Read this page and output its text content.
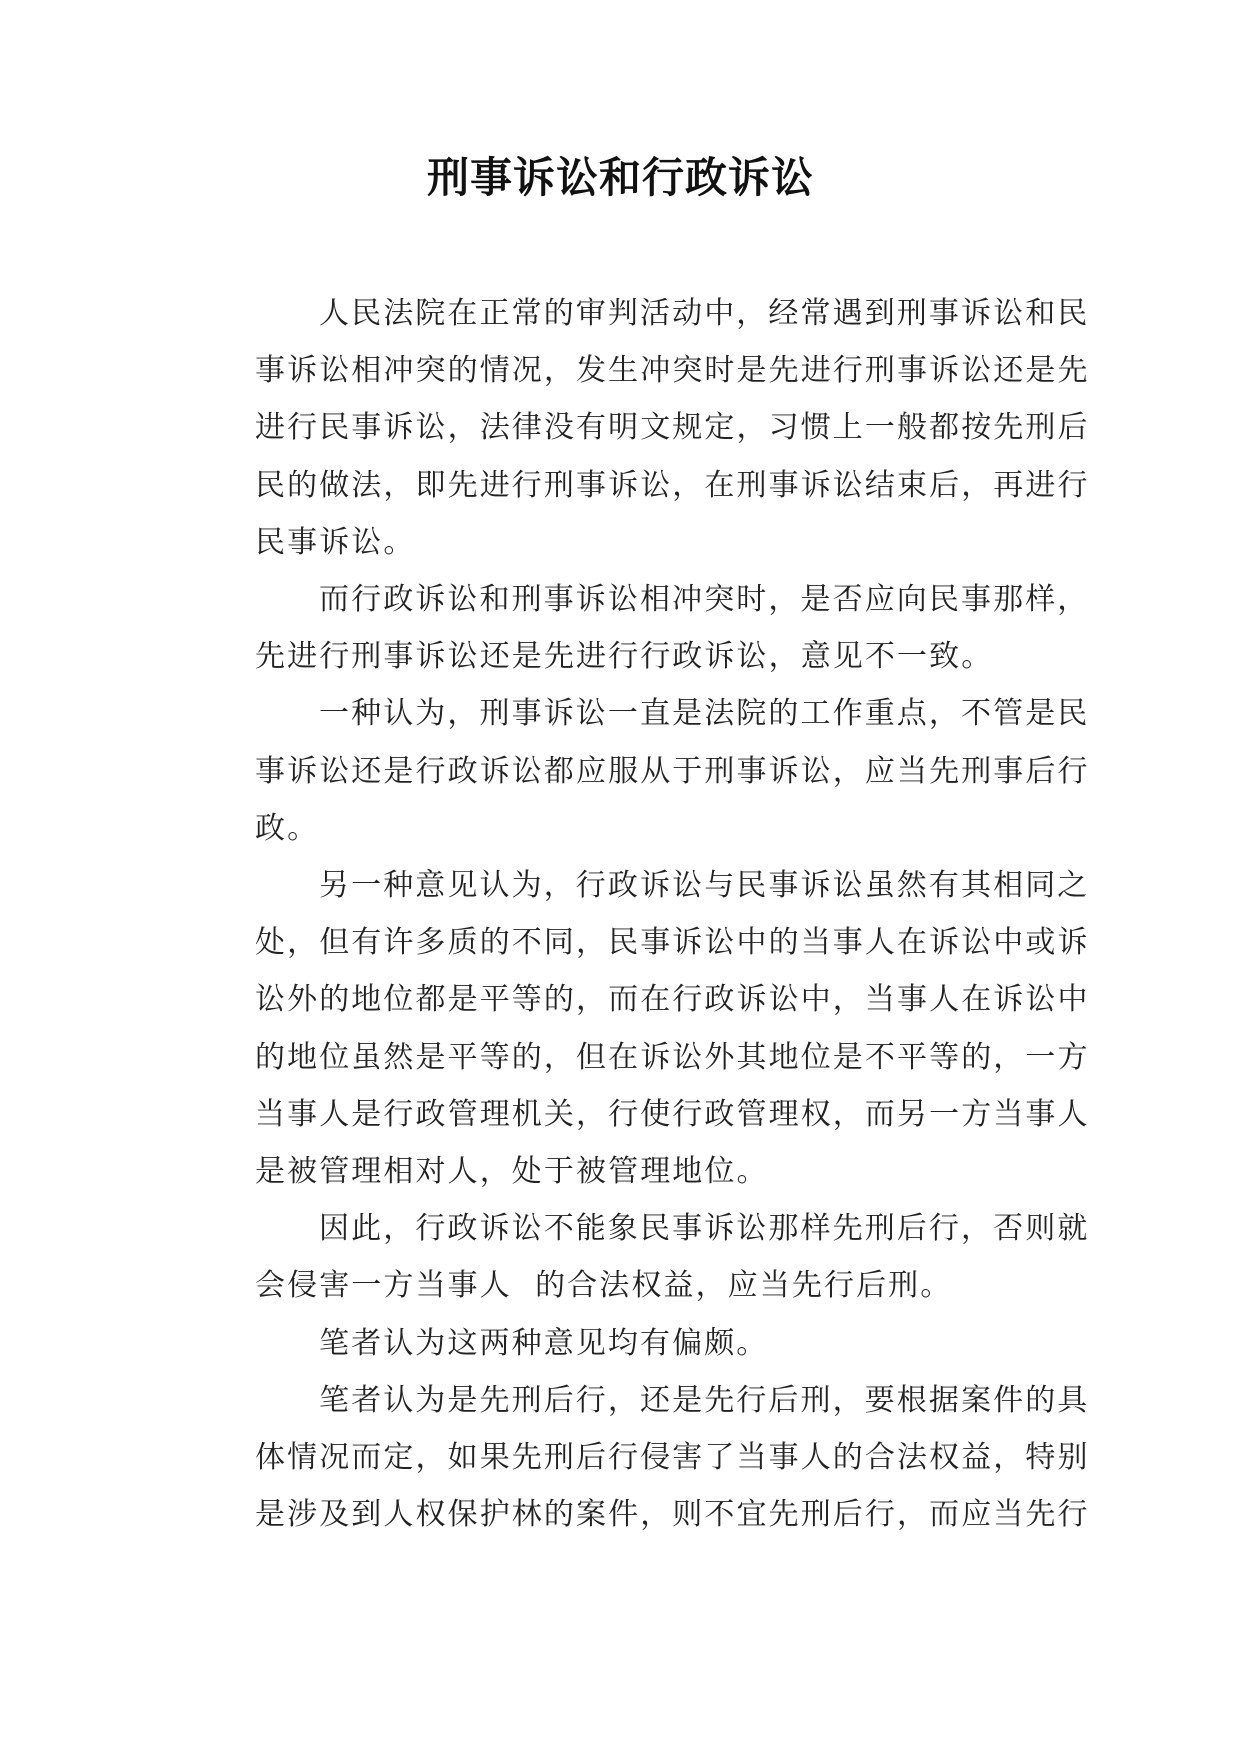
刑事诉讼和行政诉讼
人民法院在正常的审判活动中，经常遇到刑事诉讼和民
事诉讼相冲突的情况，发生冲突时是先进行刑事诉讼还是先
进行民事诉讼，法律没有明文规定，习惯上一般都按先刑后
民的做法，即先进行刑事诉讼，在刑事诉讼结束后，再进行
民事诉讼。
而行政诉讼和刑事诉讼相冲突时，是否应向民事那样，
先进行刑事诉讼还是先进行行政诉讼，意见不一致。
一种认为，刑事诉讼一直是法院的工作重点，不管是民
事诉讼还是行政诉讼都应服从于刑事诉讼，应当先刑事后行
政。
另一种意见认为，行政诉讼与民事诉讼虽然有其相同之
处，但有许多质的不同，民事诉讼中的当事人在诉讼中或诉
讼外的地位都是平等的，而在行政诉讼中，当事人在诉讼中
的地位虽然是平等的，但在诉讼外其地位是不平等的，一方
当事人是行政管理机关，行使行政管理权，而另一方当事人
是被管理相对人，处于被管理地位。
因此，行政诉讼不能象民事诉讼那样先刑后行，否则就
会侵害一方当事人  的合法权益，应当先行后刑。
笔者认为这两种意见均有偏颇。
笔者认为是先刑后行，还是先行后刑，要根据案件的具
体情况而定，如果先刑后行侵害了当事人的合法权益，特别
是涉及到人权保护林的案件，则不宜先刑后行，而应当先行
